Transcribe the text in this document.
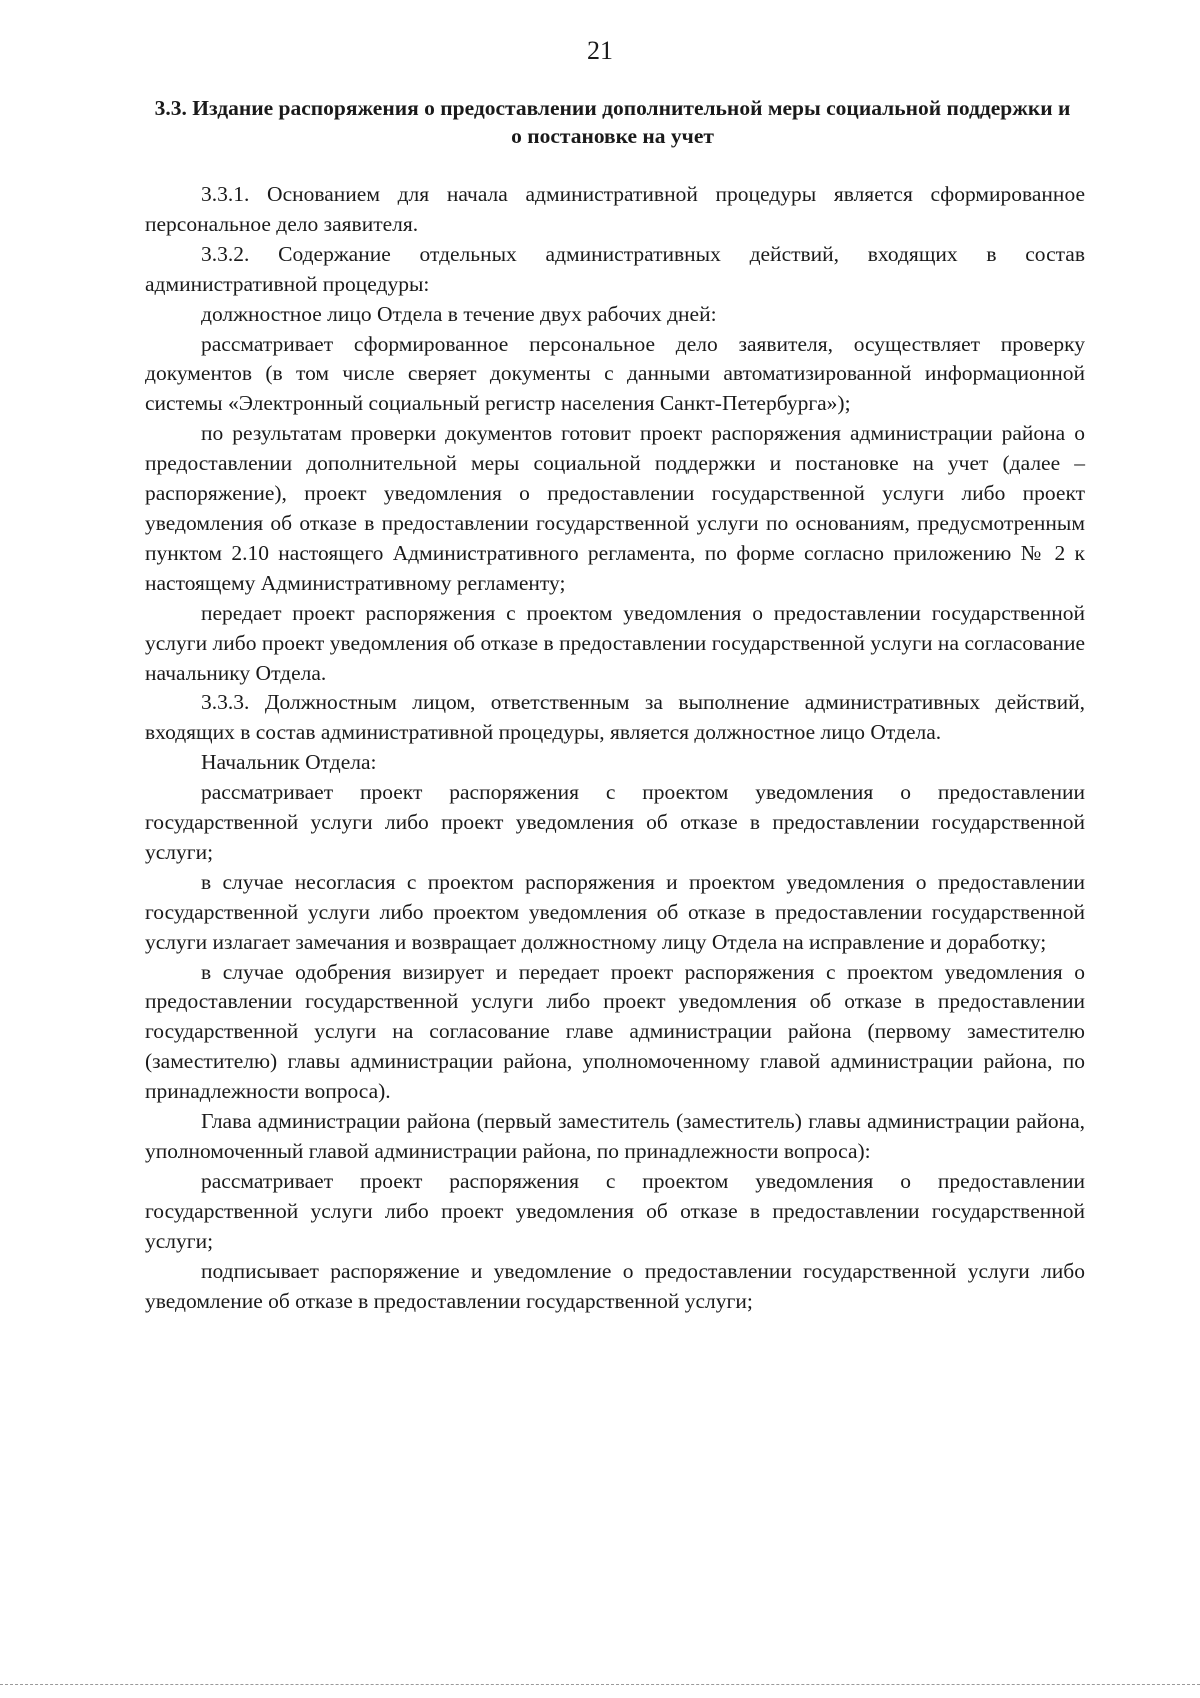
21
3.3. Издание распоряжения о предоставлении дополнительной меры социальной поддержки и о постановке на учет

3.3.1. Основанием для начала административной процедуры является сформированное персональное дело заявителя.

3.3.2. Содержание отдельных административных действий, входящих в состав административной процедуры:

должностное лицо Отдела в течение двух рабочих дней:

рассматривает сформированное персональное дело заявителя, осуществляет проверку документов (в том числе сверяет документы с данными автоматизированной информационной системы «Электронный социальный регистр населения Санкт-Петербурга»);

по результатам проверки документов готовит проект распоряжения администрации района о предоставлении дополнительной меры социальной поддержки и постановке на учет (далее – распоряжение), проект уведомления о предоставлении государственной услуги либо проект уведомления об отказе в предоставлении государственной услуги по основаниям, предусмотренным пунктом 2.10 настоящего Административного регламента, по форме согласно приложению № 2 к настоящему Административному регламенту;

передает проект распоряжения с проектом уведомления о предоставлении государственной услуги либо проект уведомления об отказе в предоставлении государственной услуги на согласование начальнику Отдела.

3.3.3. Должностным лицом, ответственным за выполнение административных действий, входящих в состав административной процедуры, является должностное лицо Отдела.

Начальник Отдела:

рассматривает проект распоряжения с проектом уведомления о предоставлении государственной услуги либо проект уведомления об отказе в предоставлении государственной услуги;

в случае несогласия с проектом распоряжения и проектом уведомления о предоставлении государственной услуги либо проектом уведомления об отказе в предоставлении государственной услуги излагает замечания и возвращает должностному лицу Отдела на исправление и доработку;

в случае одобрения визирует и передает проект распоряжения с проектом уведомления о предоставлении государственной услуги либо проект уведомления об отказе в предоставлении государственной услуги на согласование главе администрации района (первому заместителю (заместителю) главы администрации района, уполномоченному главой администрации района, по принадлежности вопроса).

Глава администрации района (первый заместитель (заместитель) главы администрации района, уполномоченный главой администрации района, по принадлежности вопроса):

рассматривает проект распоряжения с проектом уведомления о предоставлении государственной услуги либо проект уведомления об отказе в предоставлении государственной услуги;

подписывает распоряжение и уведомление о предоставлении государственной услуги либо уведомление об отказе в предоставлении государственной услуги;
